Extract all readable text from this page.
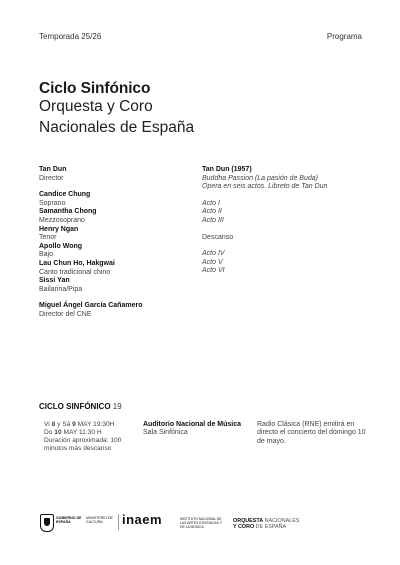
Temporada 25/26	Programa
Ciclo Sinfónico
Orquesta y Coro
Nacionales de España
Tan Dun
Director
Candice Chung
Soprano
Samantha Chong
Mezzosoprano
Henry Ngan
Tenor
Apollo Wong
Bajo
Lau Chun Ho, Hakgwai
Canto tradicional chino
Sissi Yan
Bailarina/Pipa
Miguel Ángel García Cañamero
Director del CNE
Tan Dun (1957)
Buddha Passion (La pasión de Buda)
Ópera en seis actos. Libreto de Tan Dun
Acto I
Acto II
Acto III
Descanso
Acto IV
Acto V
Acto VI
CICLO SINFÓNICO 19
Vi 8 y Sá 9 MAY 19:30H
Do 10 MAY 11:30 H
Duración aproximada: 100 minutos más descanso
Auditorio Nacional de Música
Sala Sinfónica
Radio Clásica (RNE) emitirá en directo el concierto del domingo 10 de mayo.
GOBIERNO DE ESPAÑA
MINISTERIO DE CULTURA	inaem	INSTITUTO NACIONAL DE LAS ARTES ESCÉNICAS Y DE LA MÚSICA
ORQUESTA NACIONALES
Y CORO DE ESPAÑA
